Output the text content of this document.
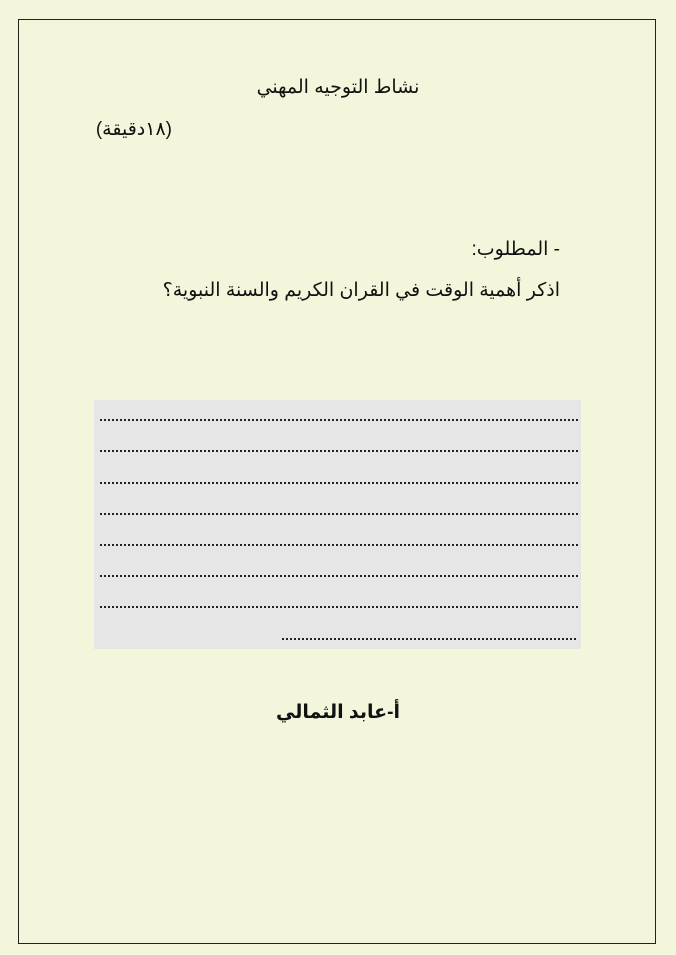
نشاط التوجيه المهني
(١٨دقيقة)
- المطلوب:
اذكر أهمية الوقت في القران الكريم والسنة النبوية؟
أ-عابد الثمالي
